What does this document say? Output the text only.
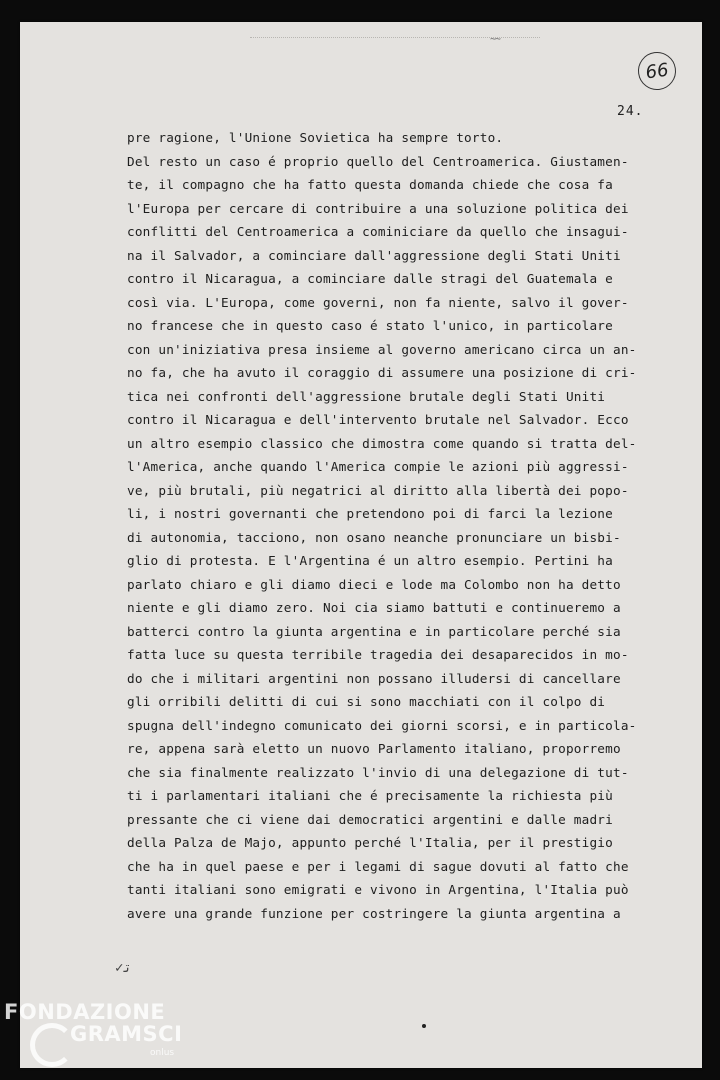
~~
66
24.
pre ragione, l'Unione Sovietica ha sempre torto.
Del resto un caso é proprio quello del Centroamerica. Giustamen-
te, il compagno che ha fatto questa domanda chiede che cosa fa
l'Europa per cercare di contribuire a una soluzione politica dei
conflitti del Centroamerica a cominiciare da quello che insagui-
na il Salvador, a cominciare dall'aggressione degli Stati Uniti
contro il Nicaragua, a cominciare dalle stragi del Guatemala e
così via. L'Europa, come governi, non fa niente, salvo il gover-
no francese che in questo caso é stato l'unico, in particolare
con un'iniziativa presa insieme al governo americano circa un an-
no fa, che ha avuto il coraggio di assumere una posizione di cri-
tica nei confronti dell'aggressione brutale degli Stati Uniti
contro il Nicaragua e dell'intervento brutale nel Salvador. Ecco
un altro esempio classico che dimostra come quando si tratta del-
l'America, anche quando l'America compie le azioni più aggressi-
ve, più brutali, più negatrici al diritto alla libertà dei popo-
li, i nostri governanti che pretendono poi di farci la lezione
di autonomia, tacciono, non osano neanche pronunciare un bisbi-
glio di protesta. E l'Argentina é un altro esempio. Pertini ha
parlato chiaro e gli diamo dieci e lode ma Colombo non ha detto
niente e gli diamo zero. Noi cia siamo battuti e continueremo a
batterci contro la giunta argentina e in particolare perché sia
fatta luce su questa terribile tragedia dei desaparecidos in mo-
do che i militari argentini non possano illudersi di cancellare
gli orribili delitti di cui si sono macchiati con il colpo di
spugna dell'indegno comunicato dei giorni scorsi, e in particola-
re, appena sarà eletto un nuovo Parlamento italiano, proporremo
che sia finalmente realizzato l'invio di una delegazione di tut-
ti i parlamentari italiani che é precisamente la richiesta più
pressante che ci viene dai democratici argentini e dalle madri
della Palza de Majo, appunto perché l'Italia, per il prestigio
che ha in quel paese e per i legami di sague dovuti al fatto che
tanti italiani sono emigrati e vivono in Argentina, l'Italia può
avere una grande funzione per costringere la giunta argentina a
✓ﺗ
FONDAZIONE
GRAMSCI
onlus
